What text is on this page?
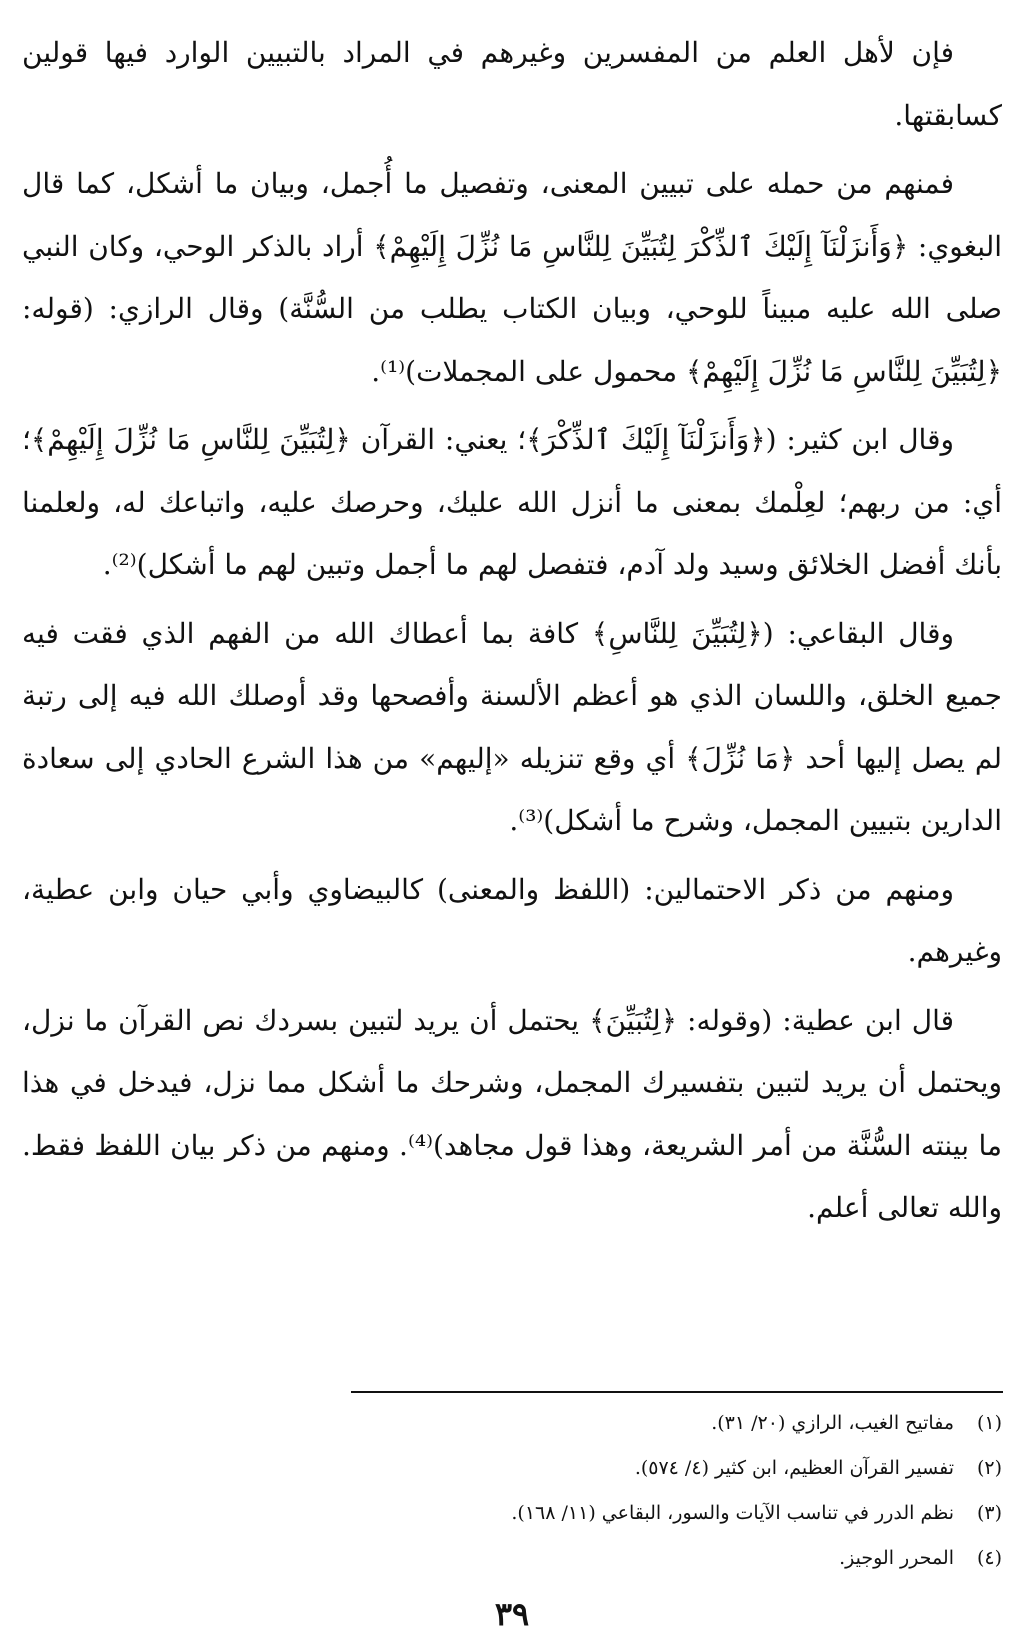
فإن لأهل العلم من المفسرين وغيرهم في المراد بالتبيين الوارد فيها قولين كسابقتها.

فمنهم من حمله على تبيين المعنى، وتفصيل ما أُجمل، وبيان ما أشكل، كما قال البغوي: ﴿وَأَنزَلْنَآ إِلَيْكَ ٱلذِّكْرَ لِتُبَيِّنَ لِلنَّاسِ مَا نُزِّلَ إِلَيْهِمْ﴾ أراد بالذكر الوحي، وكان النبي صلى الله عليه مبيناً للوحي، وبيان الكتاب يطلب من السُّنَّة) وقال الرازي: (قوله: ﴿لِتُبَيِّنَ لِلنَّاسِ مَا نُزِّلَ إِلَيْهِمْ﴾ محمول على المجملات)⁽¹⁾.

وقال ابن كثير: (﴿وَأَنزَلْنَآ إِلَيْكَ ٱلذِّكْرَ﴾؛ يعني: القرآن ﴿لِتُبَيِّنَ لِلنَّاسِ مَا نُزِّلَ إِلَيْهِمْ﴾؛ أي: من ربهم؛ لعِلْمك بمعنى ما أنزل الله عليك، وحرصك عليه، واتباعك له، ولعلمنا بأنك أفضل الخلائق وسيد ولد آدم، فتفصل لهم ما أجمل وتبين لهم ما أشكل)⁽²⁾.

وقال البقاعي: (﴿لِتُبَيِّنَ لِلنَّاسِ﴾ كافة بما أعطاك الله من الفهم الذي فقت فيه جميع الخلق، واللسان الذي هو أعظم الألسنة وأفصحها وقد أوصلك الله فيه إلى رتبة لم يصل إليها أحد ﴿مَا نُزِّلَ﴾ أي وقع تنزيله «إليهم» من هذا الشرع الحادي إلى سعادة الدارين بتبيين المجمل، وشرح ما أشكل)⁽³⁾.

ومنهم من ذكر الاحتمالين: (اللفظ والمعنى) كالبيضاوي وأبي حيان وابن عطية، وغيرهم.

قال ابن عطية: (وقوله: ﴿لِتُبَيِّنَ﴾ يحتمل أن يريد لتبين بسردك نص القرآن ما نزل، ويحتمل أن يريد لتبين بتفسيرك المجمل، وشرحك ما أشكل مما نزل، فيدخل في هذا ما بينته السُّنَّة من أمر الشريعة، وهذا قول مجاهد)⁽⁴⁾. ومنهم من ذكر بيان اللفظ فقط. والله تعالى أعلم.

(١)مفاتيح الغيب، الرازي (٢٠/ ٣١).
(٢)تفسير القرآن العظيم، ابن كثير (٤/ ٥٧٤).
(٣)نظم الدرر في تناسب الآيات والسور، البقاعي (١١/ ١٦٨).
(٤)المحرر الوجيز.
٣٩
